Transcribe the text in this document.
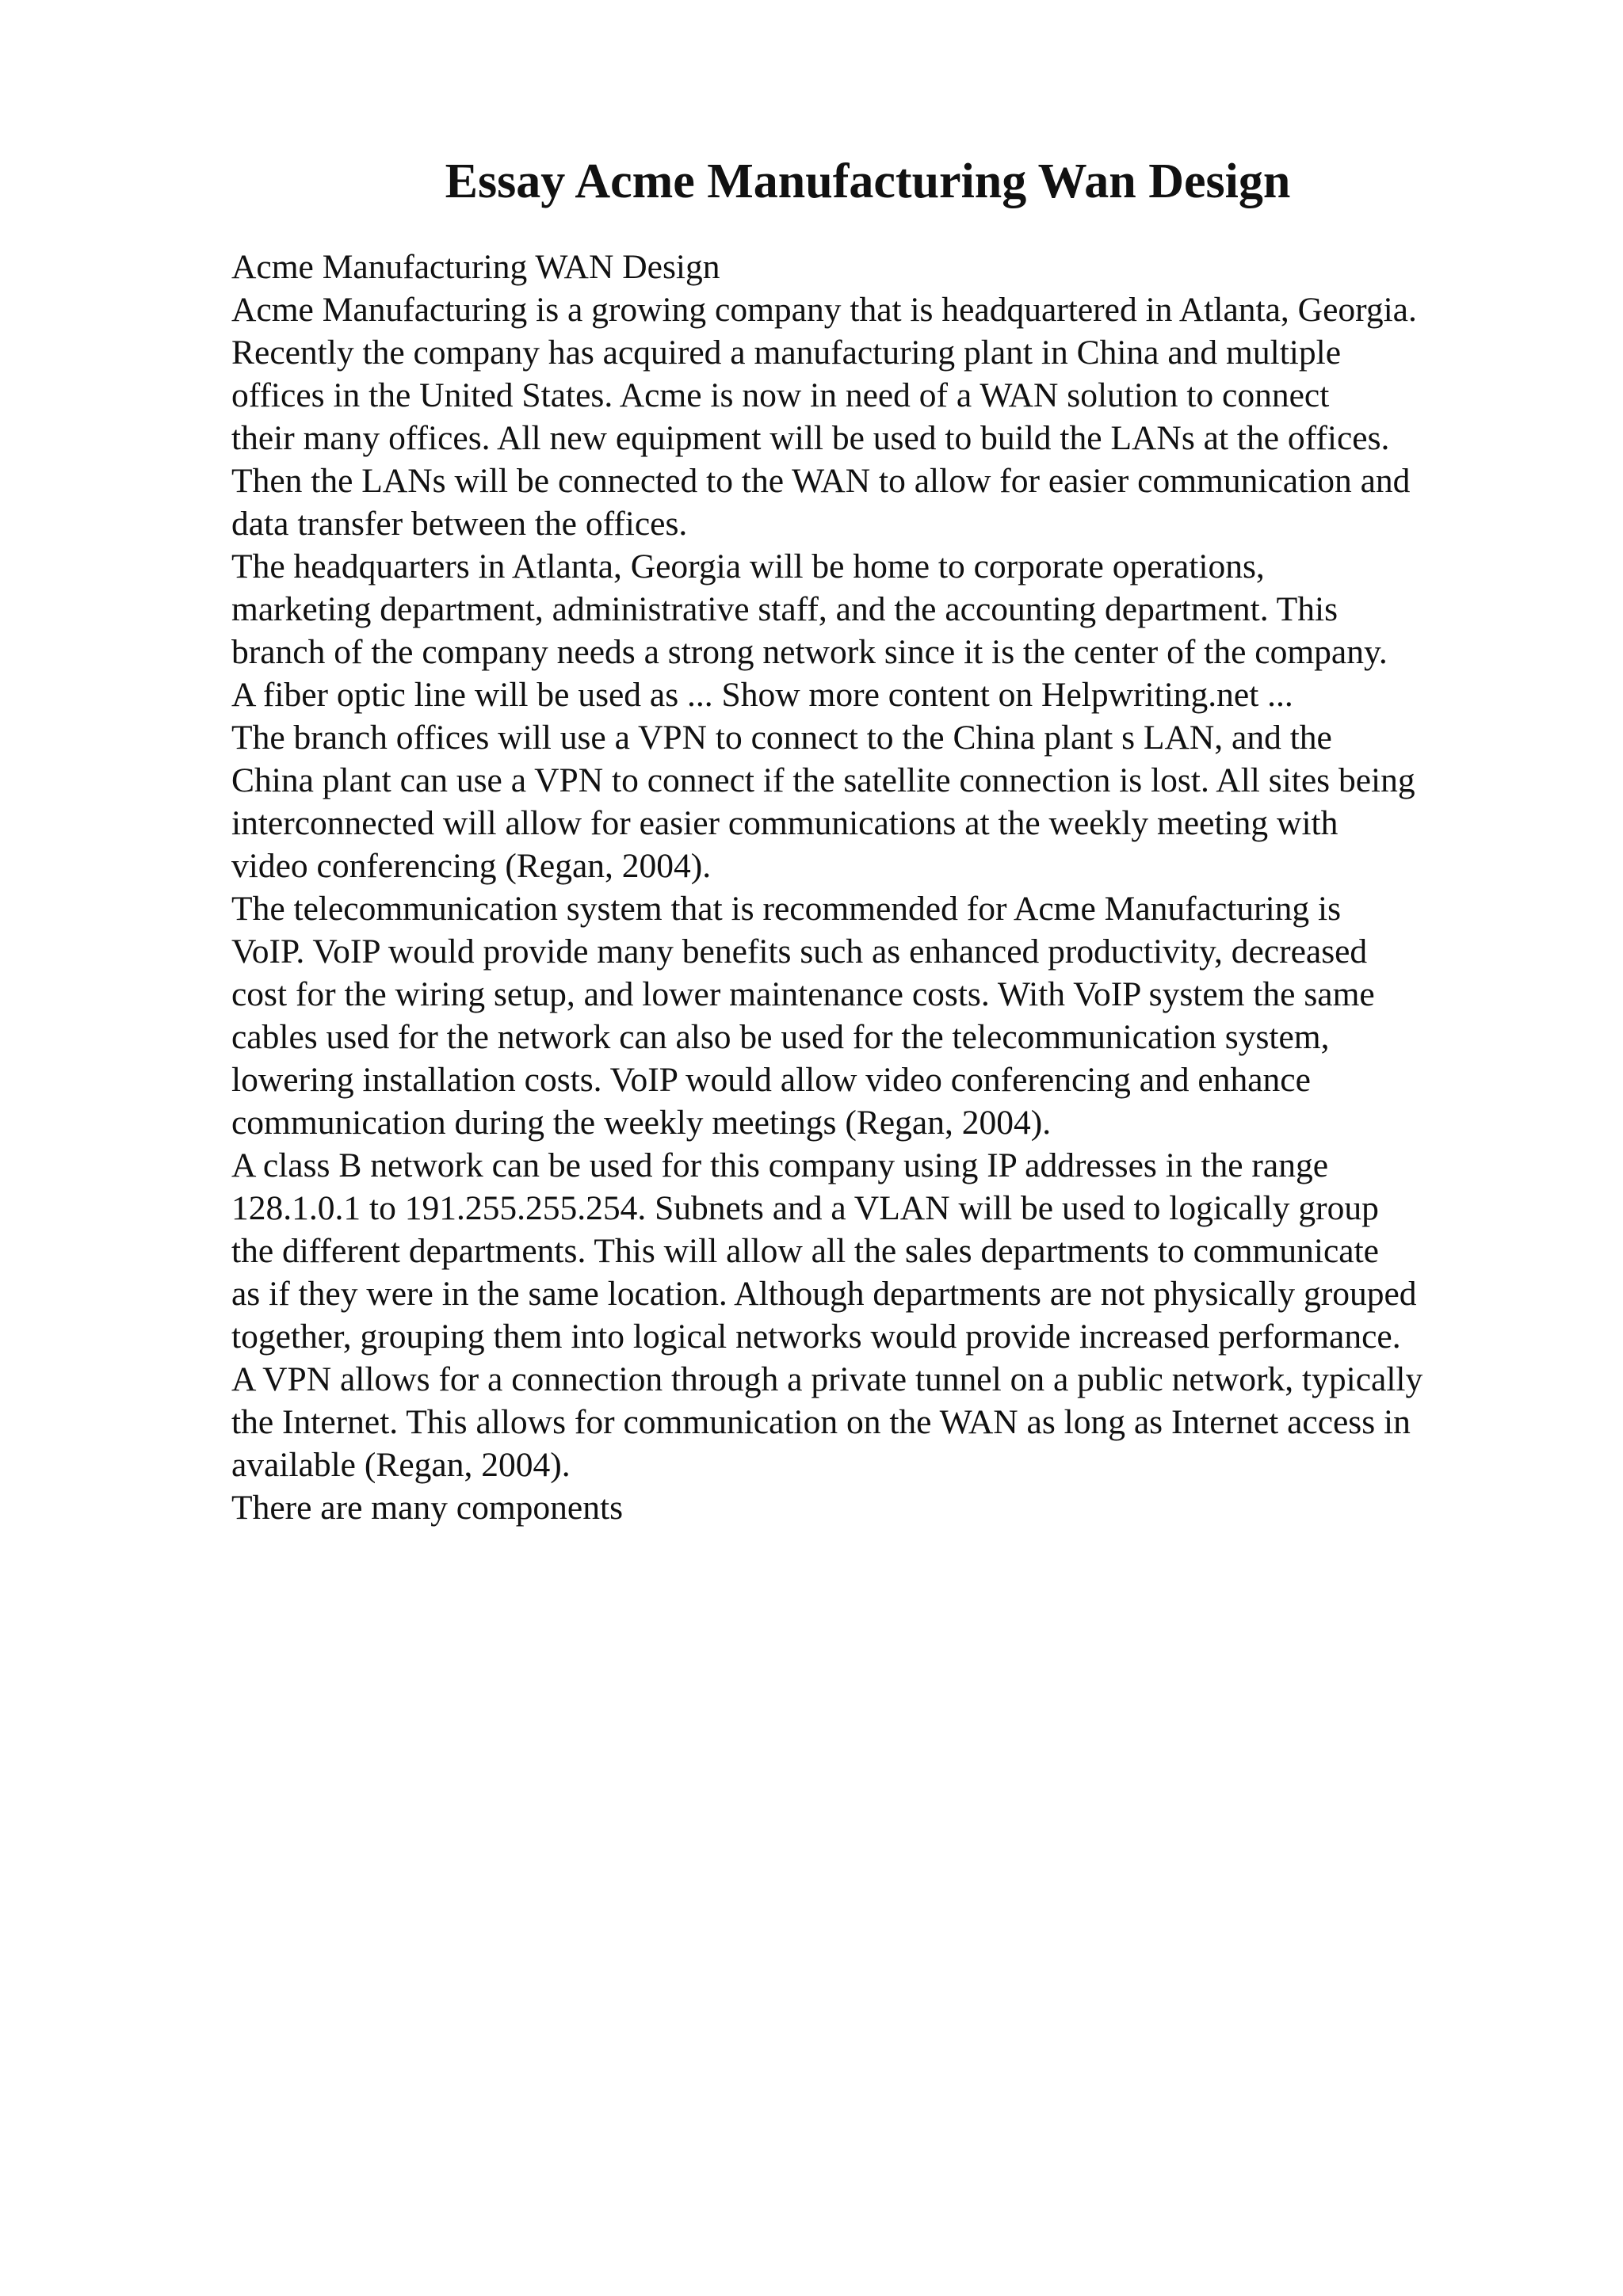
Essay Acme Manufacturing Wan Design
Acme Manufacturing WAN Design
Acme Manufacturing is a growing company that is headquartered in Atlanta, Georgia.
Recently the company has acquired a manufacturing plant in China and multiple
offices in the United States. Acme is now in need of a WAN solution to connect
their many offices. All new equipment will be used to build the LANs at the offices.
Then the LANs will be connected to the WAN to allow for easier communication and
data transfer between the offices.
The headquarters in Atlanta, Georgia will be home to corporate operations,
marketing department, administrative staff, and the accounting department. This
branch of the company needs a strong network since it is the center of the company.
A fiber optic line will be used as ... Show more content on Helpwriting.net ...
The branch offices will use a VPN to connect to the China plant s LAN, and the
China plant can use a VPN to connect if the satellite connection is lost. All sites being
interconnected will allow for easier communications at the weekly meeting with
video conferencing (Regan, 2004).
The telecommunication system that is recommended for Acme Manufacturing is
VoIP. VoIP would provide many benefits such as enhanced productivity, decreased
cost for the wiring setup, and lower maintenance costs. With VoIP system the same
cables used for the network can also be used for the telecommunication system,
lowering installation costs. VoIP would allow video conferencing and enhance
communication during the weekly meetings (Regan, 2004).
A class B network can be used for this company using IP addresses in the range
128.1.0.1 to 191.255.255.254. Subnets and a VLAN will be used to logically group
the different departments. This will allow all the sales departments to communicate
as if they were in the same location. Although departments are not physically grouped
together, grouping them into logical networks would provide increased performance.
A VPN allows for a connection through a private tunnel on a public network, typically
the Internet. This allows for communication on the WAN as long as Internet access in
available (Regan, 2004).
There are many components
